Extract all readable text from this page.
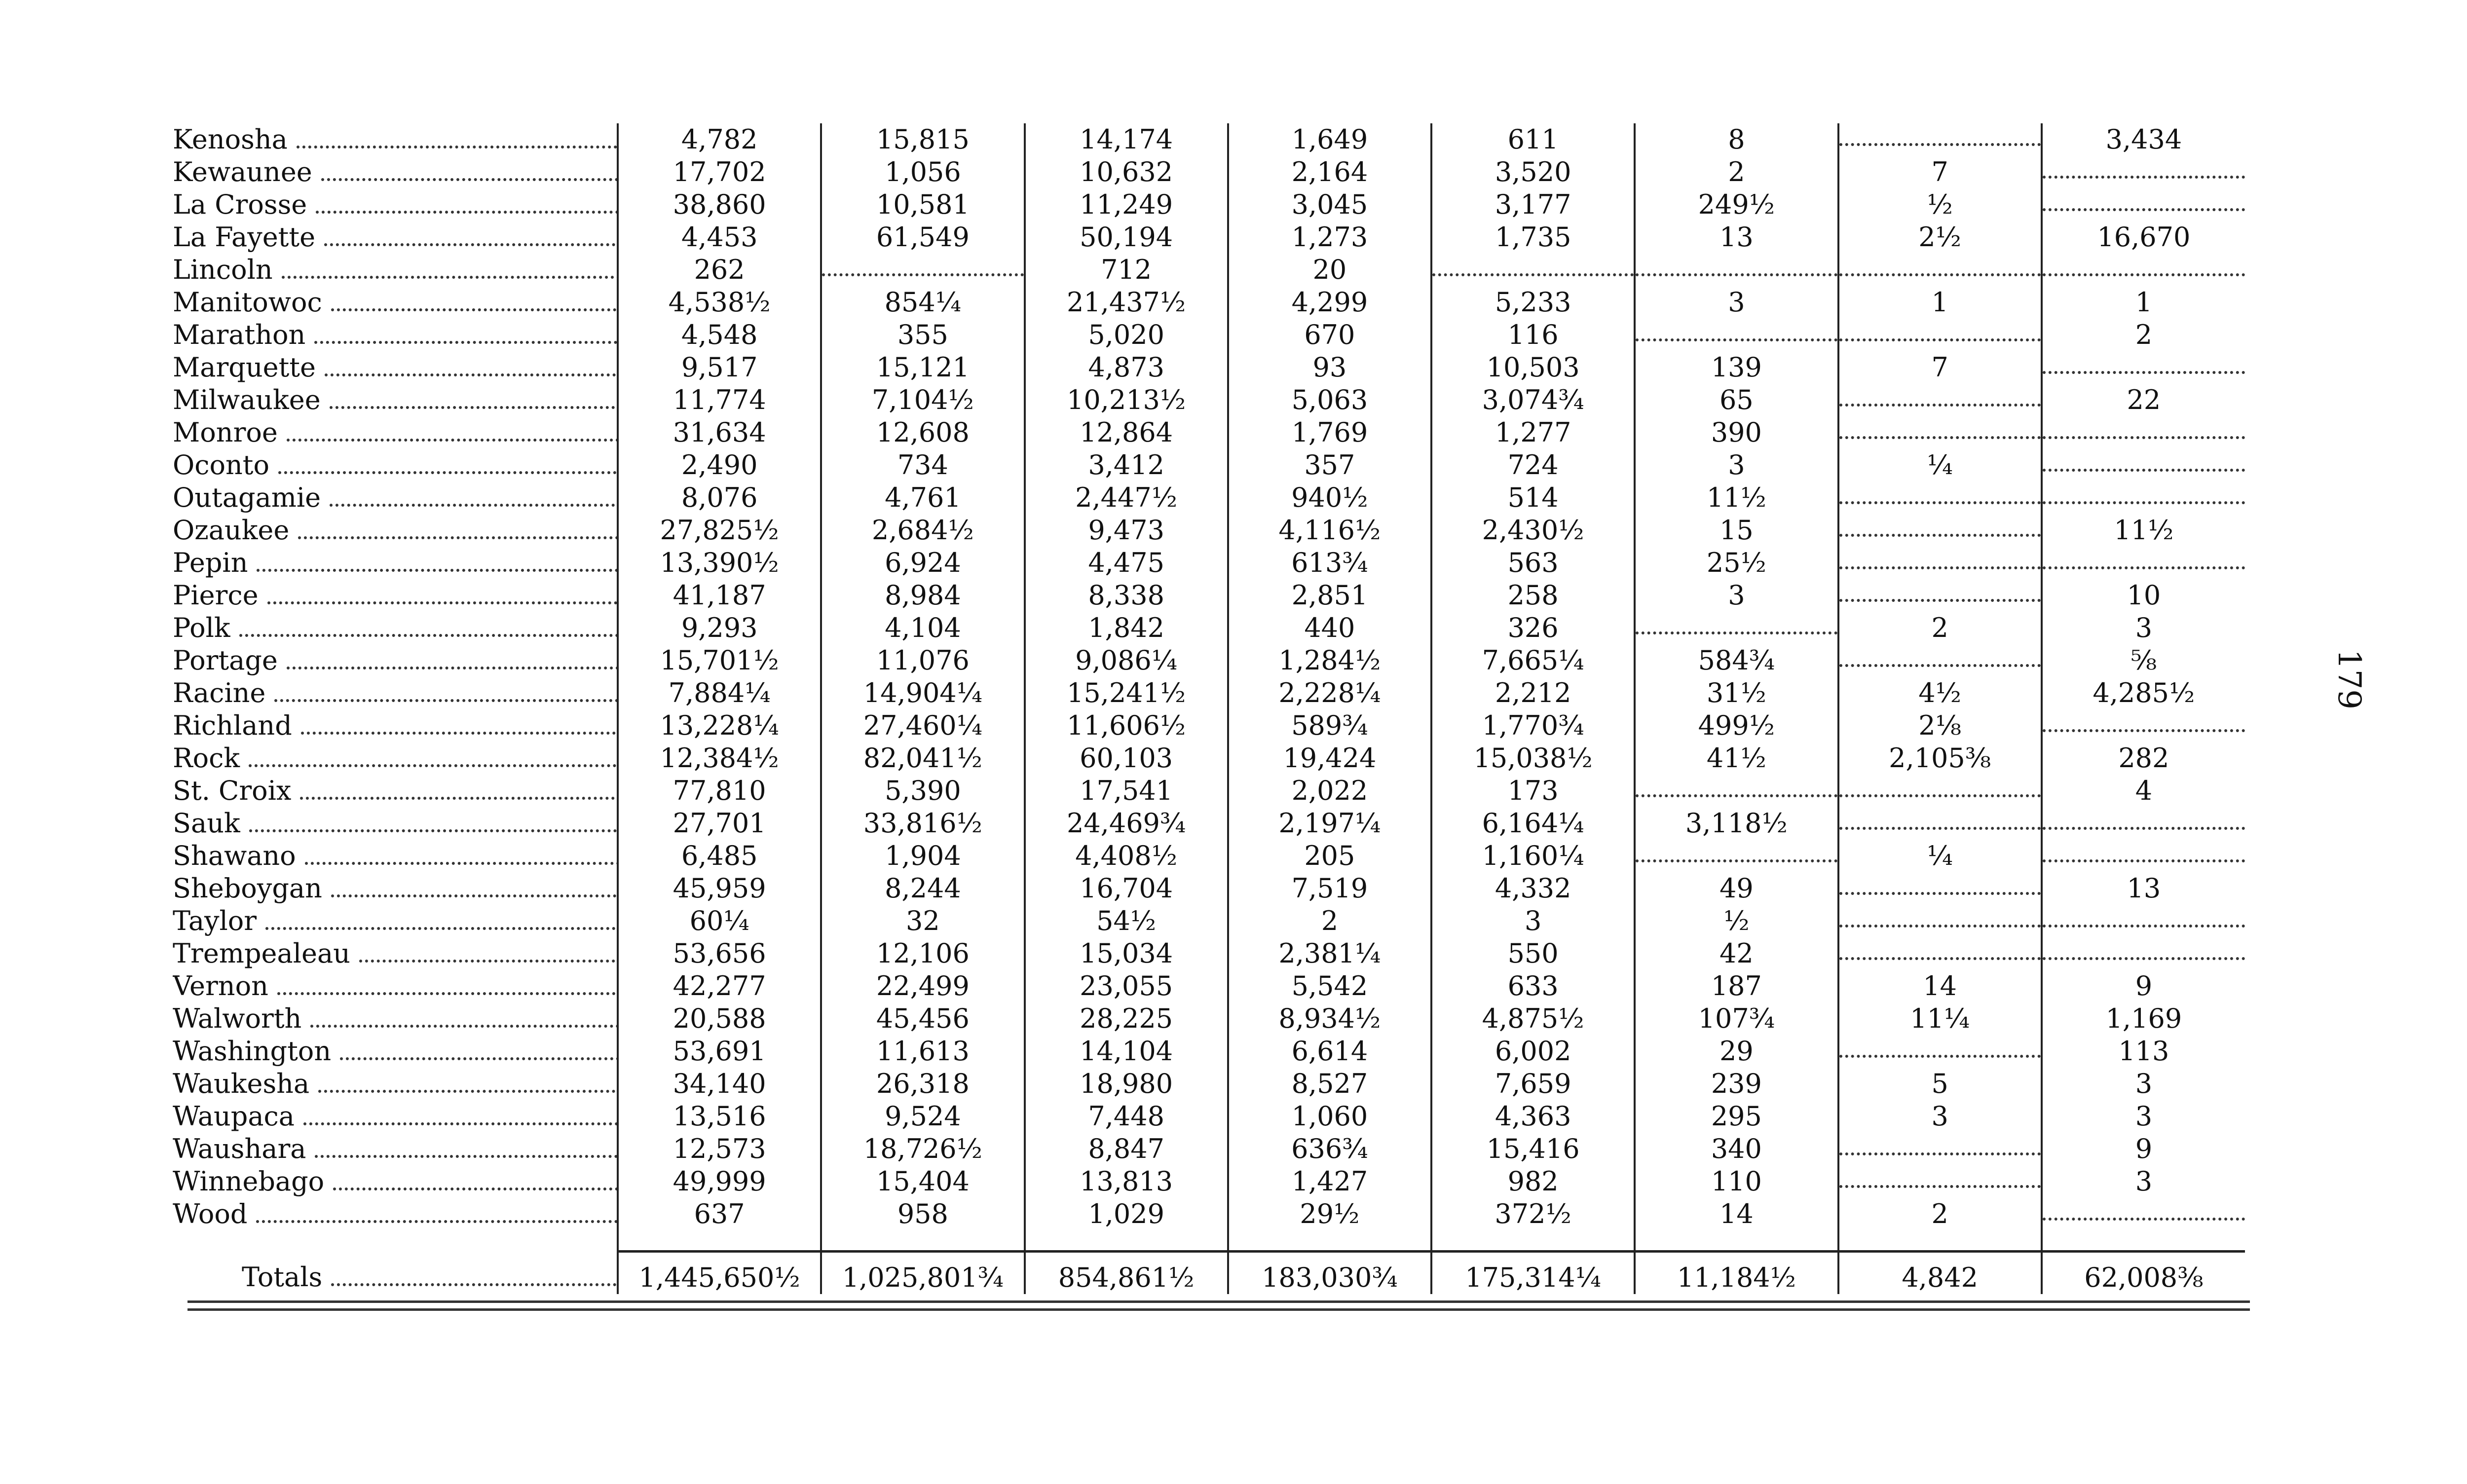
Kenosha	4,782	15,815	14,174	1,649	611	8		3,434
Kewaunee	17,702	1,056	10,632	2,164	3,520	2	7	

La Crosse	38,860	10,581	11,249	3,045	3,177	249½	½	

La Fayette	4,453	61,549	50,194	1,273	1,735	13	2½	16,670
Lincoln	262		712	20	

Manitowoc	4,538½	854¼	21,437½	4,299	5,233	3	1	1
Marathon	4,548	355	5,020	670	116			2
Marquette	9,517	15,121	4,873	93	10,503	139	7	

Milwaukee	11,774	7,104½	10,213½	5,063	3,074¾	65		22
Monroe	31,634	12,608	12,864	1,769	1,277	390	

Oconto	2,490	734	3,412	357	724	3	¼	

Outagamie	8,076	4,761	2,447½	940½	514	11½	

Ozaukee	27,825½	2,684½	9,473	4,116½	2,430½	15		11½
Pepin	13,390½	6,924	4,475	613¾	563	25½	

Pierce	41,187	8,984	8,338	2,851	258	3		10
Polk	9,293	4,104	1,842	440	326		2	3
Portage	15,701½	11,076	9,086¼	1,284½	7,665¼	584¾		⅝
Racine	7,884¼	14,904¼	15,241½	2,228¼	2,212	31½	4½	4,285½
Richland	13,228¼	27,460¼	11,606½	589¾	1,770¾	499½	2⅛	

Rock	12,384½	82,041½	60,103	19,424	15,038½	41½	2,105⅜	282
St. Croix	77,810	5,390	17,541	2,022	173			4
Sauk	27,701	33,816½	24,469¾	2,197¼	6,164¼	3,118½	

Shawano	6,485	1,904	4,408½	205	1,160¼		¼	

Sheboygan	45,959	8,244	16,704	7,519	4,332	49		13
Taylor	60¼	32	54½	2	3	½	

Trempealeau	53,656	12,106	15,034	2,381¼	550	42	

Vernon	42,277	22,499	23,055	5,542	633	187	14	9
Walworth	20,588	45,456	28,225	8,934½	4,875½	107¾	11¼	1,169
Washington	53,691	11,613	14,104	6,614	6,002	29		113
Waukesha	34,140	26,318	18,980	8,527	7,659	239	5	3
Waupaca	13,516	9,524	7,448	1,060	4,363	295	3	3
Waushara	12,573	18,726½	8,847	636¾	15,416	340		9
Winnebago	49,999	15,404	13,813	1,427	982	110		3
Wood	637	958	1,029	29½	372½	14	2	

Totals	1,445,650½	1,025,801¾	854,861½	183,030¾	175,314¼	11,184½	4,842	62,008⅜
179
